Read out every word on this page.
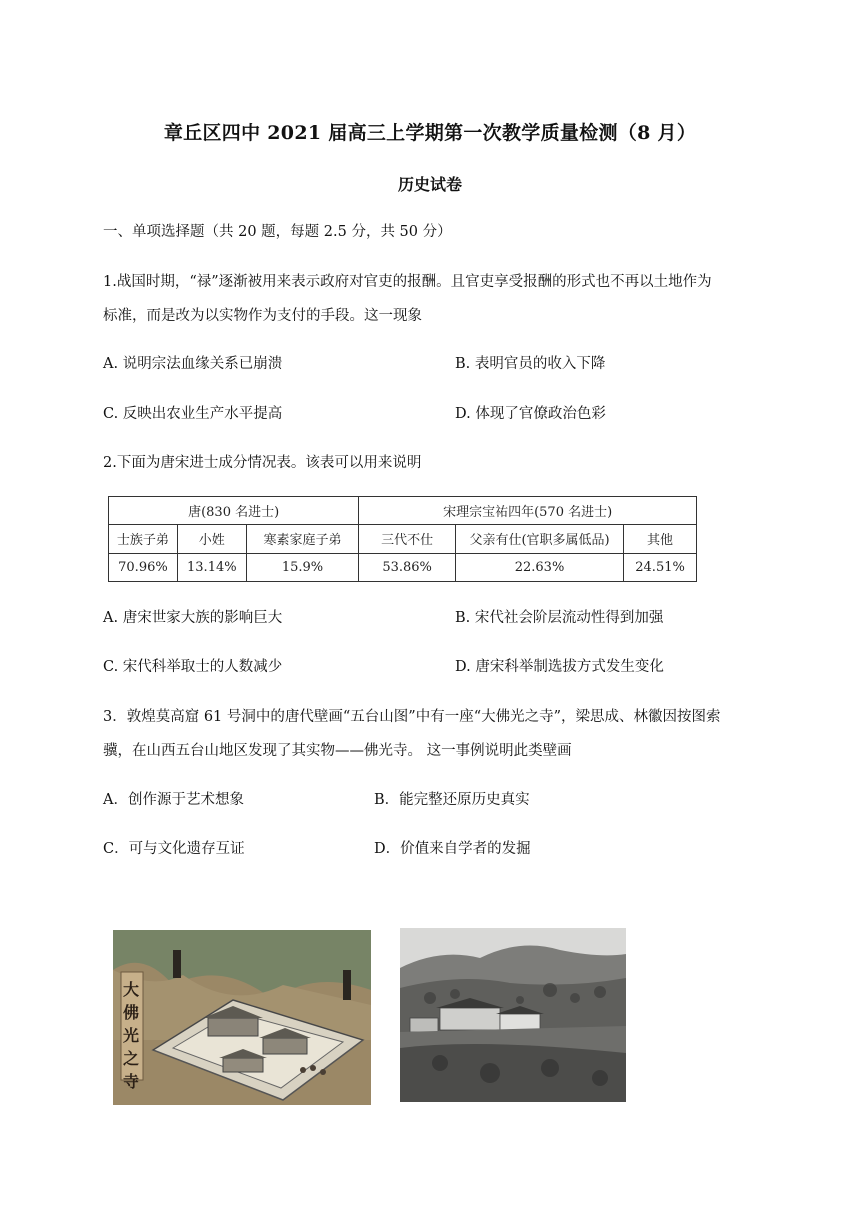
章丘区四中 2021 届高三上学期第一次教学质量检测（8 月）
历史试卷
一、单项选择题（共 20 题，每题 2.5 分，共 50 分）
1.战国时期，“禄”逐渐被用来表示政府对官吏的报酬。且官吏享受报酬的形式也不再以土地作为
标准，而是改为以实物作为支付的手段。这一现象
A. 说明宗法血缘关系已崩溃	B. 表明官员的收入下降
C. 反映出农业生产水平提高	D. 体现了官僚政治色彩
2.下面为唐宋进士成分情况表。该表可以用来说明
唐(830 名进士)			宋理宗宝祐四年(570 名进士)		
士族子弟	小姓	寒素家庭子弟	三代不仕	父亲有仕(官职多属低品)	其他
70.96%	13.14%	15.9%	53.86%	22.63%	24.51%
A. 唐宋世家大族的影响巨大	B. 宋代社会阶层流动性得到加强
C. 宋代科举取士的人数减少	D. 唐宋科举制选拔方式发生变化
3．敦煌莫高窟 61 号洞中的唐代壁画“五台山图”中有一座“大佛光之寺”，梁思成、林徽因按图索
骥，在山西五台山地区发现了其实物——佛光寺。 这一事例说明此类壁画
A．创作源于艺术想象	B．能完整还原历史真实
C．可与文化遗存互证	D．价值来自学者的发掘
大佛光之寺
